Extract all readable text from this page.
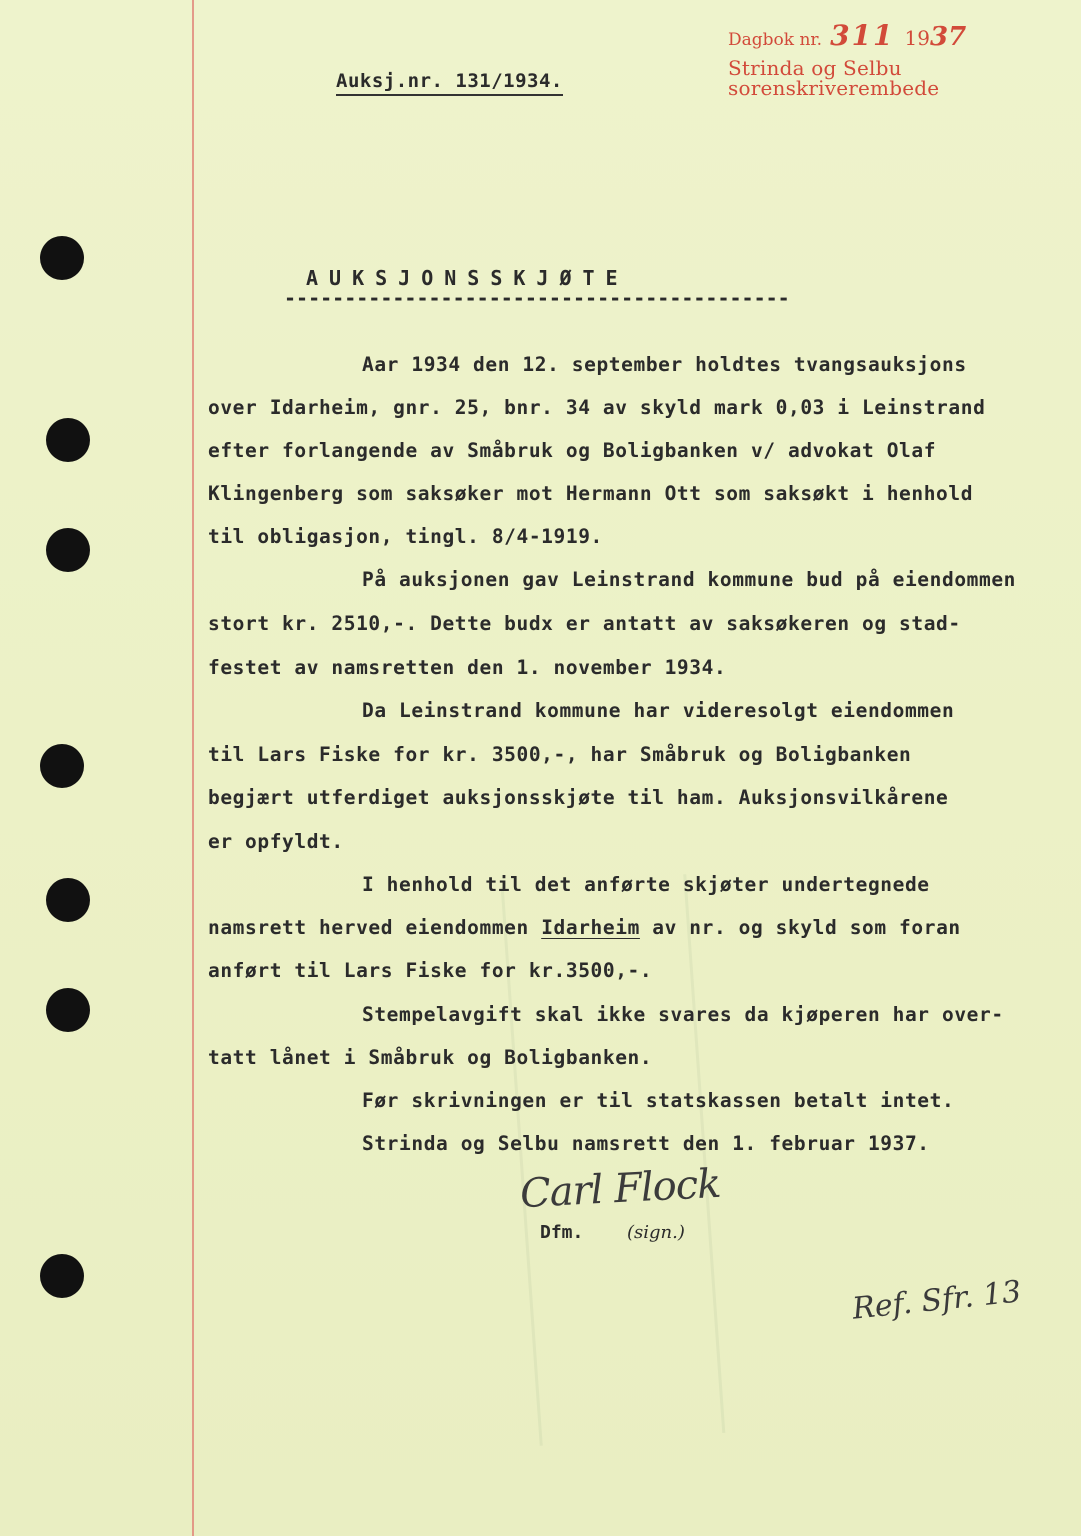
Dagbok nr. 311 1937
Strinda og Selbu sorenskriverembede
Auksj.nr. 131/1934.
AUKSJONSSKJØTE
------------------------------------------
Aar 1934 den 12. september holdtes tvangsauksjons
over Idarheim, gnr. 25, bnr. 34 av skyld mark 0,03 i Leinstrand
efter forlangende av Småbruk og Boligbanken v/ advokat Olaf
Klingenberg som saksøker mot Hermann Ott som saksøkt i henhold
til obligasjon, tingl. 8/4-1919.
På auksjonen gav Leinstrand kommune bud på eiendommen
stort kr. 2510,-. Dette budx er antatt av saksøkeren og stad-
festet av namsretten den 1. november 1934.
Da Leinstrand kommune har videresolgt eiendommen
til Lars Fiske for kr. 3500,-, har Småbruk og Boligbanken
begjært utferdiget auksjonsskjøte til ham. Auksjonsvilkårene
er opfyldt.
I henhold til det anførte skjøter undertegnede
namsrett herved eiendommen Idarheim av nr. og skyld som foran
anført til Lars Fiske for kr.3500,-.
Stempelavgift skal ikke svares da kjøperen har over-
tatt lånet i Småbruk og Boligbanken.
Før skrivningen er til statskassen betalt intet.
Strinda og Selbu namsrett den 1. februar 1937.
Carl Flock
Dfm. (sign.)
Ref. Sfr. 13
